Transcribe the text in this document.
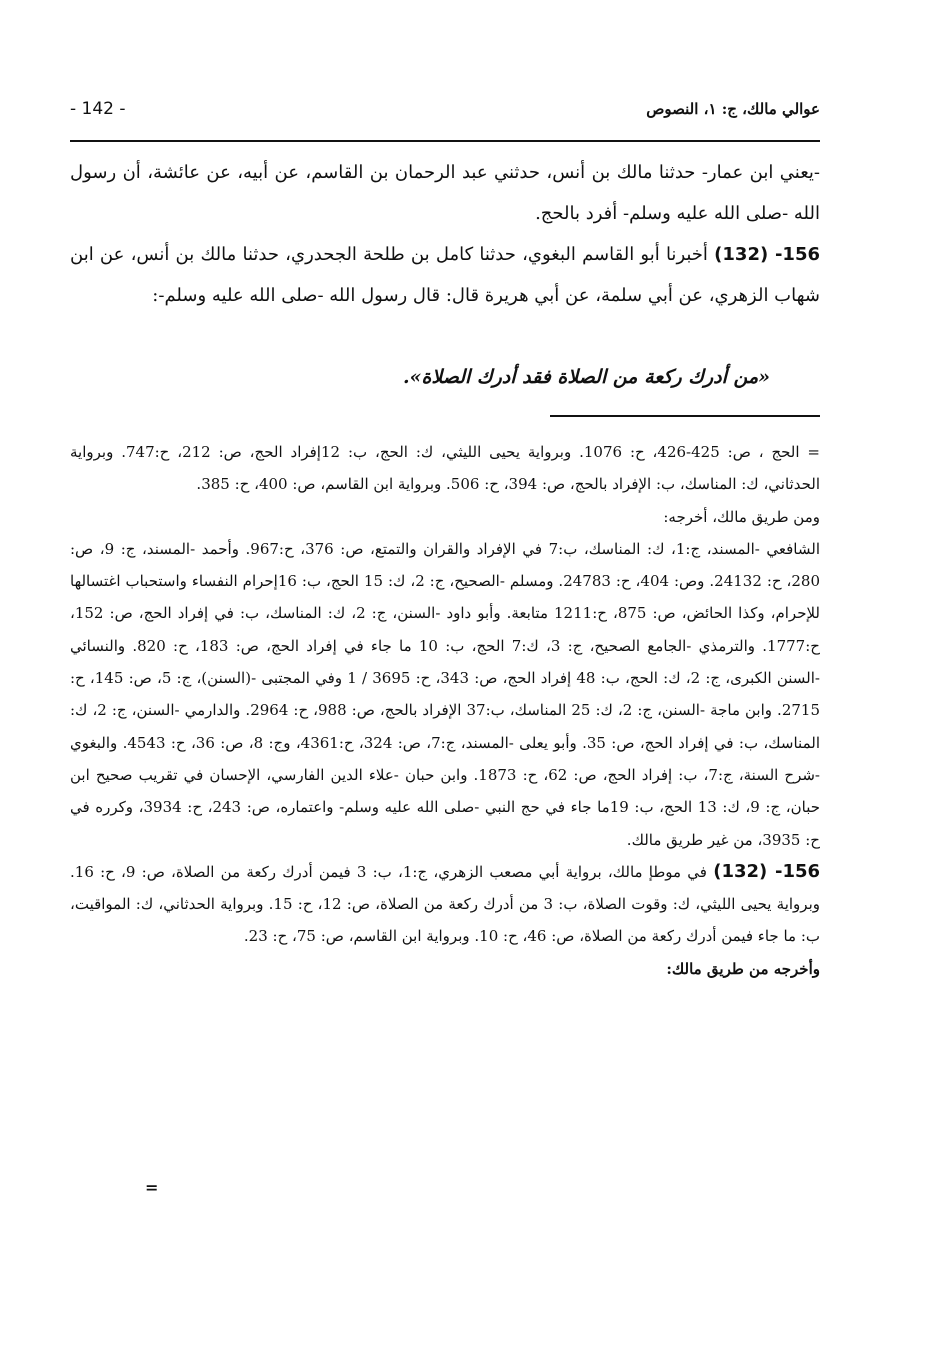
عوالي مالك، ج: ١، النصوص
- 142 -

-يعني ابن عمار- حدثنا مالك بن أنس، حدثني عبد الرحمان بن القاسم، عن أبيه، عن عائشة، أن رسول الله -صلى الله عليه وسلم- أفرد بالحج.

156- (132) أخبرنا أبو القاسم البغوي، حدثنا كامل بن طلحة الجحدري، حدثنا مالك بن أنس، عن ابن شهاب الزهري، عن أبي سلمة، عن أبي هريرة قال: قال رسول الله -صلى الله عليه وسلم-:

«من أدرك ركعة من الصلاة فقد أدرك الصلاة».

= الحج ، ص: 425-426، ح: 1076. وبرواية يحيى الليثي، ك: الحج، ب: 12إفراد الحج، ص: 212، ح:747. وبرواية الحدثاني، ك: المناسك، ب: الإفراد بالحج، ص: 394، ح: 506. وبرواية ابن القاسم، ص: 400، ح: 385.

ومن طريق مالك، أخرجه:

الشافعي -المسند، ج:1، ك: المناسك، ب:7 في الإفراد والقران والتمتع، ص: 376، ح:967. وأحمد -المسند، ج: 9، ص: 280، ح: 24132. وص: 404، ح: 24783. ومسلم -الصحيح، ج: 2، ك: 15 الحج، ب: 16إحرام النفساء واستحباب اغتسالها للإحرام، وكذا الحائض، ص: 875، ح:1211 متابعة. وأبو داود -السنن، ج: 2، ك: المناسك، ب: في إفراد الحج، ص: 152، ح:1777. والترمذي -الجامع الصحيح، ج: 3، ك:7 الحج، ب: 10 ما جاء في إفراد الحج، ص: 183، ح: 820. والنسائي -السنن الكبرى، ج: 2، ك: الحج، ب: 48 إفراد الحج، ص: 343، ح: 3695 / 1 وفي المجتبى -(السنن)، ج: 5، ص: 145، ح: 2715. وابن ماجة -السنن، ج: 2، ك: 25 المناسك، ب:37 الإفراد بالحج، ص: 988، ح: 2964. والدارمي -السنن، ج: 2، ك: المناسك، ب: في إفراد الحج، ص: 35. وأبو يعلى -المسند، ج:7، ص: 324، ح:4361، وج: 8، ص: 36، ح: 4543. والبغوي -شرح السنة، ج:7، ب: إفراد الحج، ص: 62، ح: 1873. وابن حبان -علاء الدين الفارسي، الإحسان في تقريب صحيح ابن حبان، ج: 9، ك: 13 الحج، ب: 19ما جاء في حج النبي -صلى الله عليه وسلم- واعتماره، ص: 243، ح: 3934، وكرره في ح: 3935، من غير طريق مالك.

156- (132) في موطإ مالك، برواية أبي مصعب الزهري، ج:1، ب: 3 فيمن أدرك ركعة من الصلاة، ص: 9، ح: 16. وبرواية يحيى الليثي، ك: وقوت الصلاة، ب: 3 من أدرك ركعة من الصلاة، ص: 12، ح: 15. وبرواية الحدثاني، ك: المواقيت، ب: ما جاء فيمن أدرك ركعة من الصلاة، ص: 46، ح: 10. وبرواية ابن القاسم، ص: 75، ح: 23.

وأخرجه من طريق مالك:

=
